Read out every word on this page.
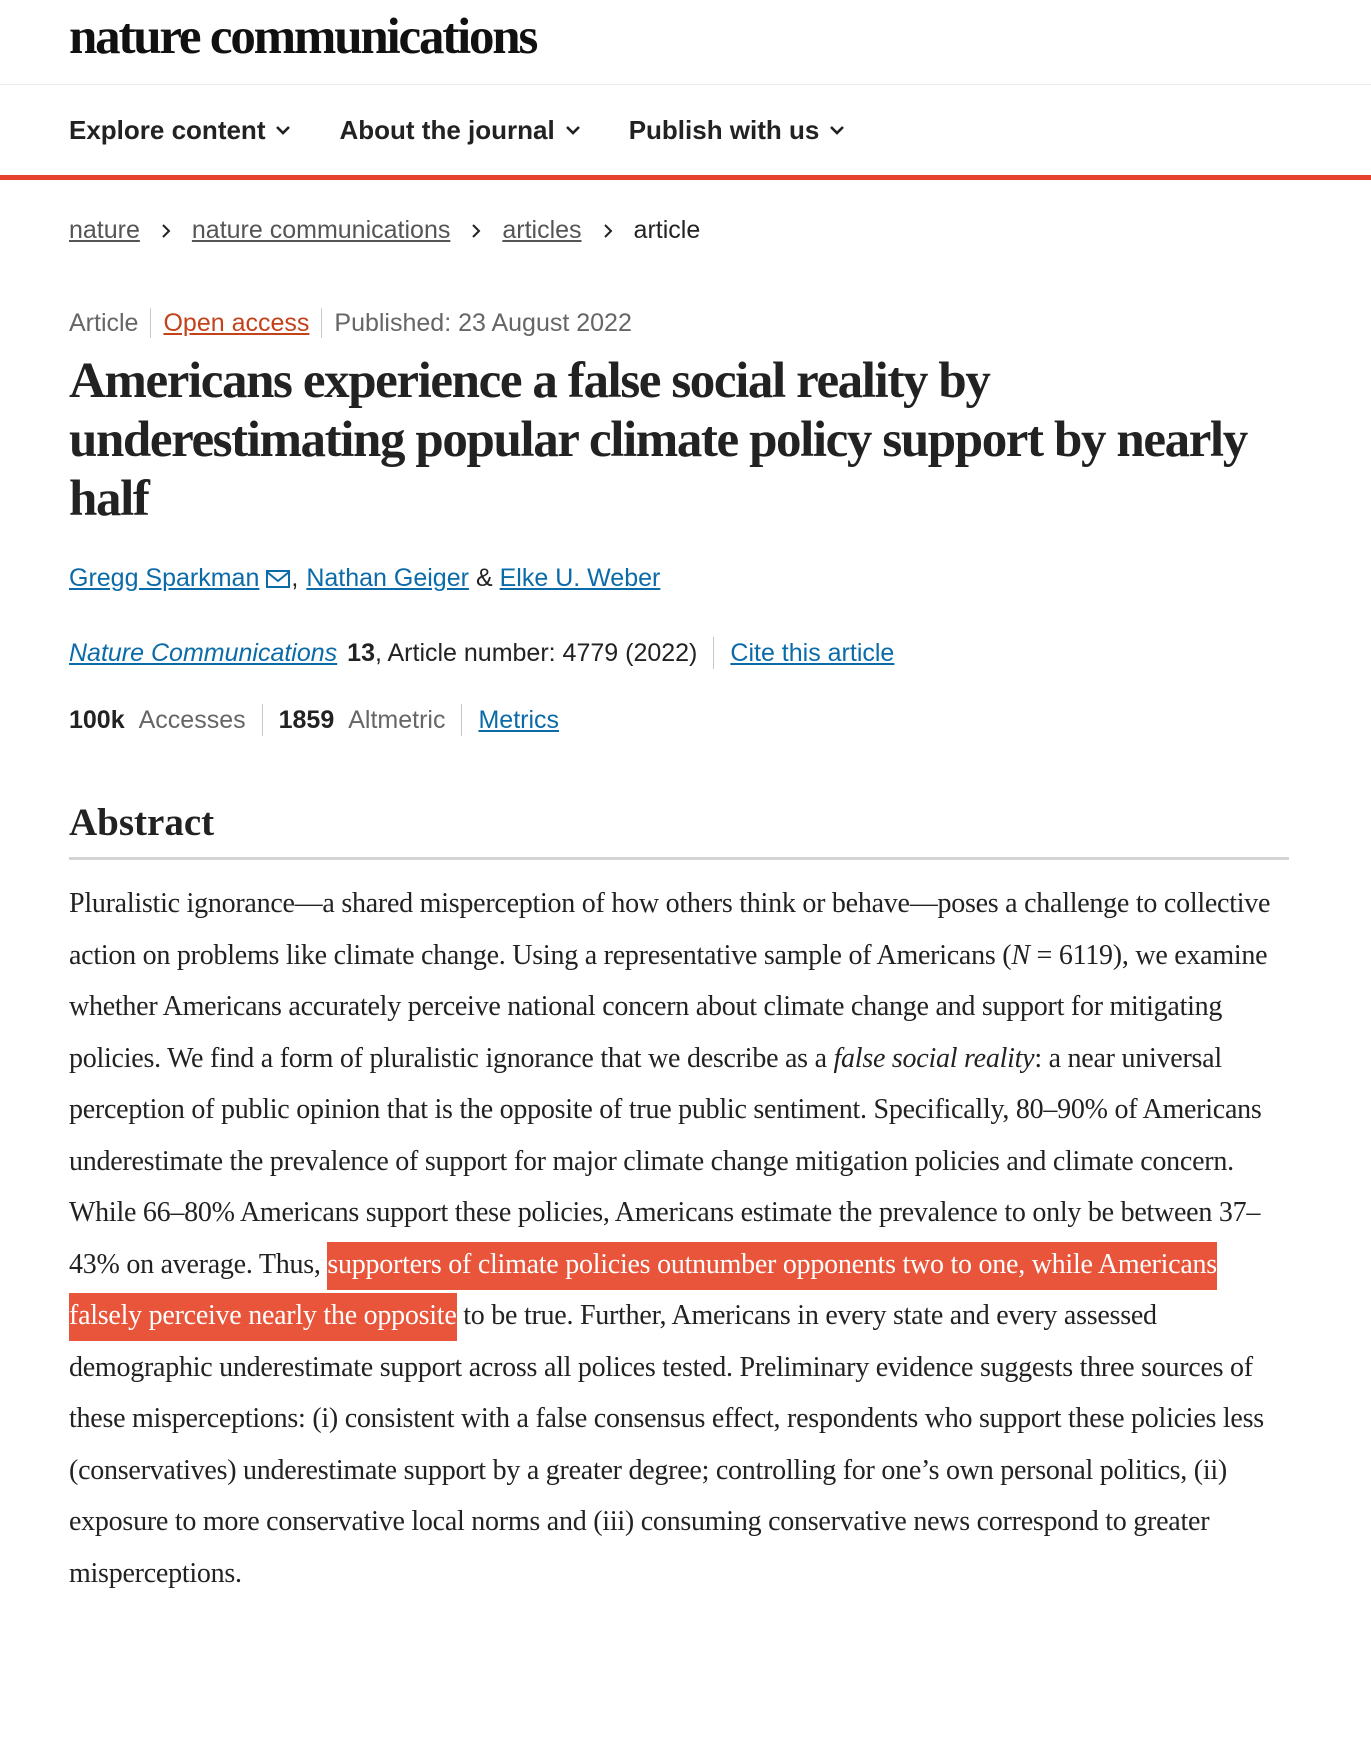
nature communications
Explore content	About the journal	Publish with us
nature nature communications articles article
Article Open access Published: 23 August 2022
Americans experience a false social reality by underestimating popular climate policy support by nearly half
Gregg Sparkman , Nathan Geiger & Elke U. Weber
Nature Communications 13 , Article number: 4779 (2022) Cite this article
100k Accesses 1859 Altmetric Metrics
Abstract

Pluralistic ignorance—a shared misperception of how others think or behave—poses a challenge to collective action on problems like climate change. Using a representative sample of Americans (N = 6119), we examine whether Americans accurately perceive national concern about climate change and support for mitigating policies. We find a form of pluralistic ignorance that we describe as a false social reality: a near universal perception of public opinion that is the opposite of true public sentiment. Specifically, 80–90% of Americans underestimate the prevalence of support for major climate change mitigation policies and climate concern. While 66–80% Americans support these policies, Americans estimate the prevalence to only be between 37–43% on average. Thus, supporters of climate policies outnumber opponents two to one, while Americans falsely perceive nearly the opposite to be true. Further, Americans in every state and every assessed demographic underestimate support across all polices tested. Preliminary evidence suggests three sources of these misperceptions: (i) consistent with a false consensus effect, respondents who support these policies less (conservatives) underestimate support by a greater degree; controlling for one’s own personal politics, (ii) exposure to more conservative local norms and (iii) consuming conservative news correspond to greater misperceptions.
